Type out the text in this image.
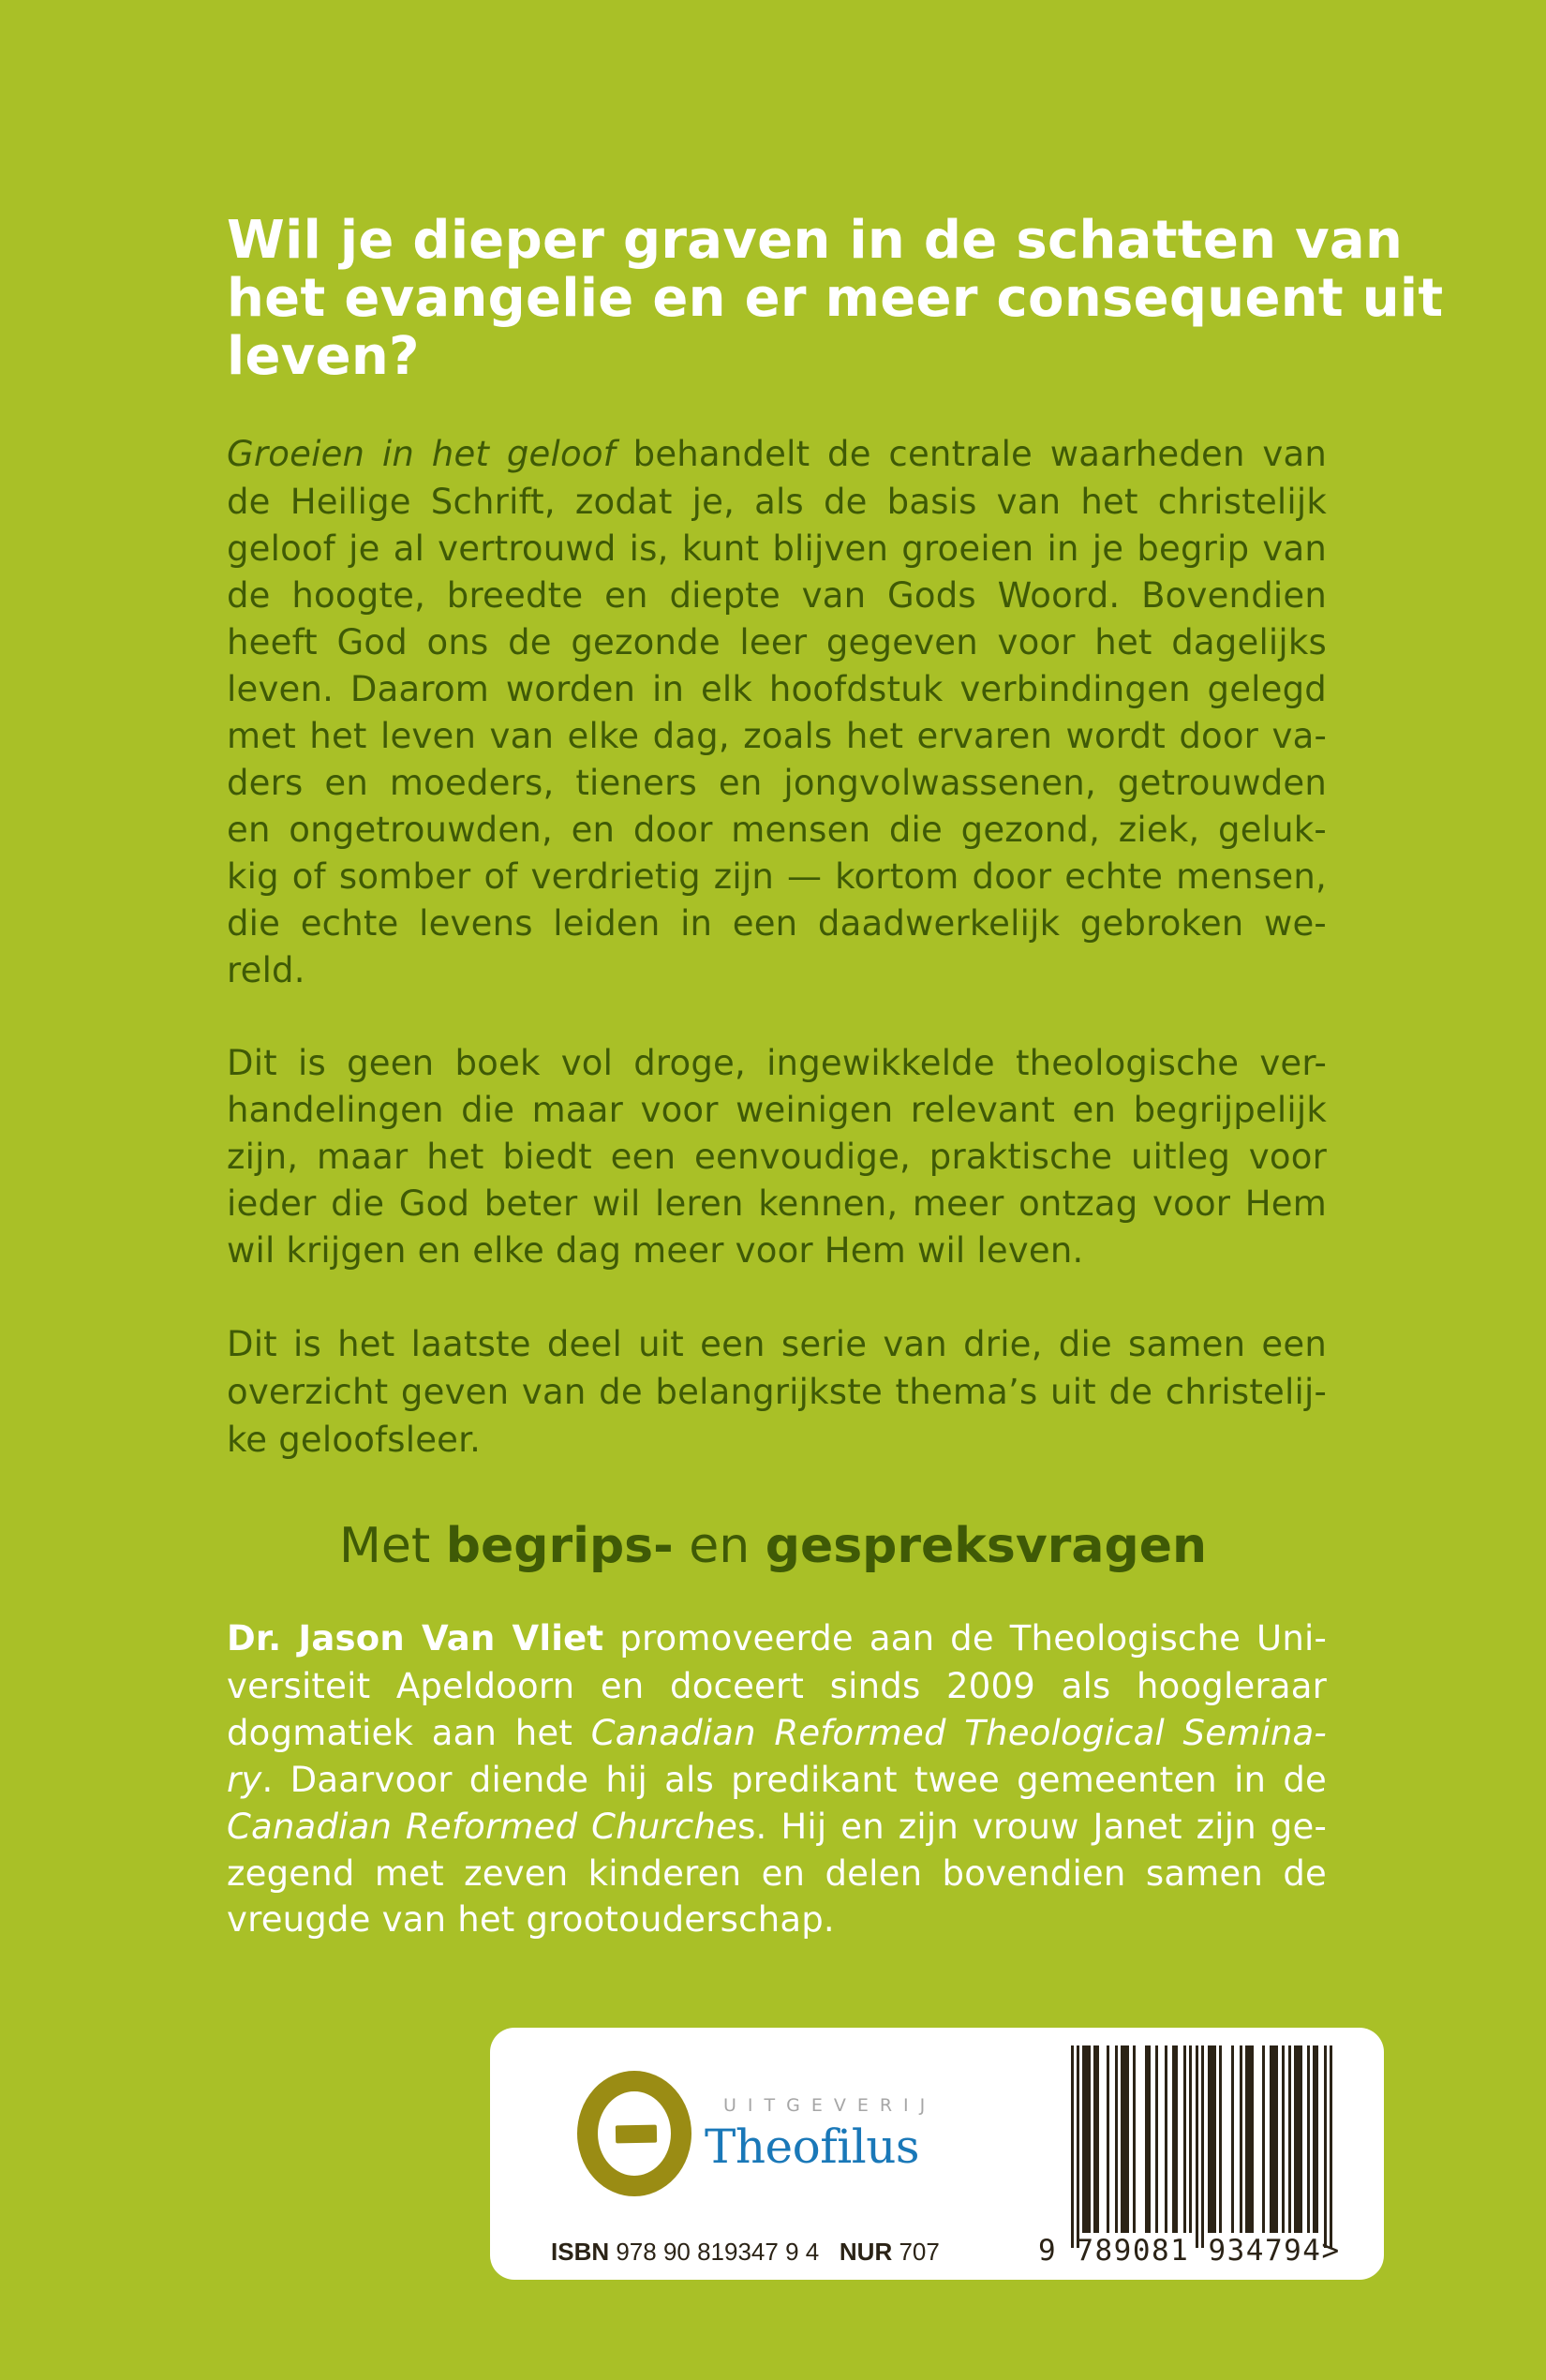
Wil je dieper graven in de schatten van
het evangelie en er meer consequent uit
leven?
Groeien in het geloof behandelt de centrale waarheden van
de Heilige Schrift, zodat je, als de basis van het christelijk
geloof je al vertrouwd is, kunt blijven groeien in je begrip van
de hoogte, breedte en diepte van Gods Woord. Bovendien
heeft God ons de gezonde leer gegeven voor het dagelijks
leven. Daarom worden in elk hoofdstuk verbindingen gelegd
met het leven van elke dag, zoals het ervaren wordt door va-
ders en moeders, tieners en jongvolwassenen, getrouwden
en ongetrouwden, en door mensen die gezond, ziek, geluk-
kig of somber of verdrietig zijn — kortom door echte mensen,
die echte levens leiden in een daadwerkelijk gebroken we-
reld.
Dit is geen boek vol droge, ingewikkelde theologische ver-
handelingen die maar voor weinigen relevant en begrijpelijk
zijn, maar het biedt een eenvoudige, praktische uitleg voor
ieder die God beter wil leren kennen, meer ontzag voor Hem
wil krijgen en elke dag meer voor Hem wil leven.
Dit is het laatste deel uit een serie van drie, die samen een
overzicht geven van de belangrijkste thema’s uit de christelij-
ke geloofsleer.
Met begrips- en gespreksvragen
Dr. Jason Van Vliet promoveerde aan de Theologische Uni-
versiteit Apeldoorn en doceert sinds 2009 als hoogleraar
dogmatiek aan het Canadian Reformed Theological Semina-
ry. Daarvoor diende hij als predikant twee gemeenten in de
Canadian Reformed Churches. Hij en zijn vrouw Janet zijn ge-
zegend met zeven kinderen en delen bovendien samen de
vreugde van het grootouderschap.
UITGEVERIJ
Theofilus
ISBN 978 90 819347 9 4 NUR 707	9 789081 934794>
